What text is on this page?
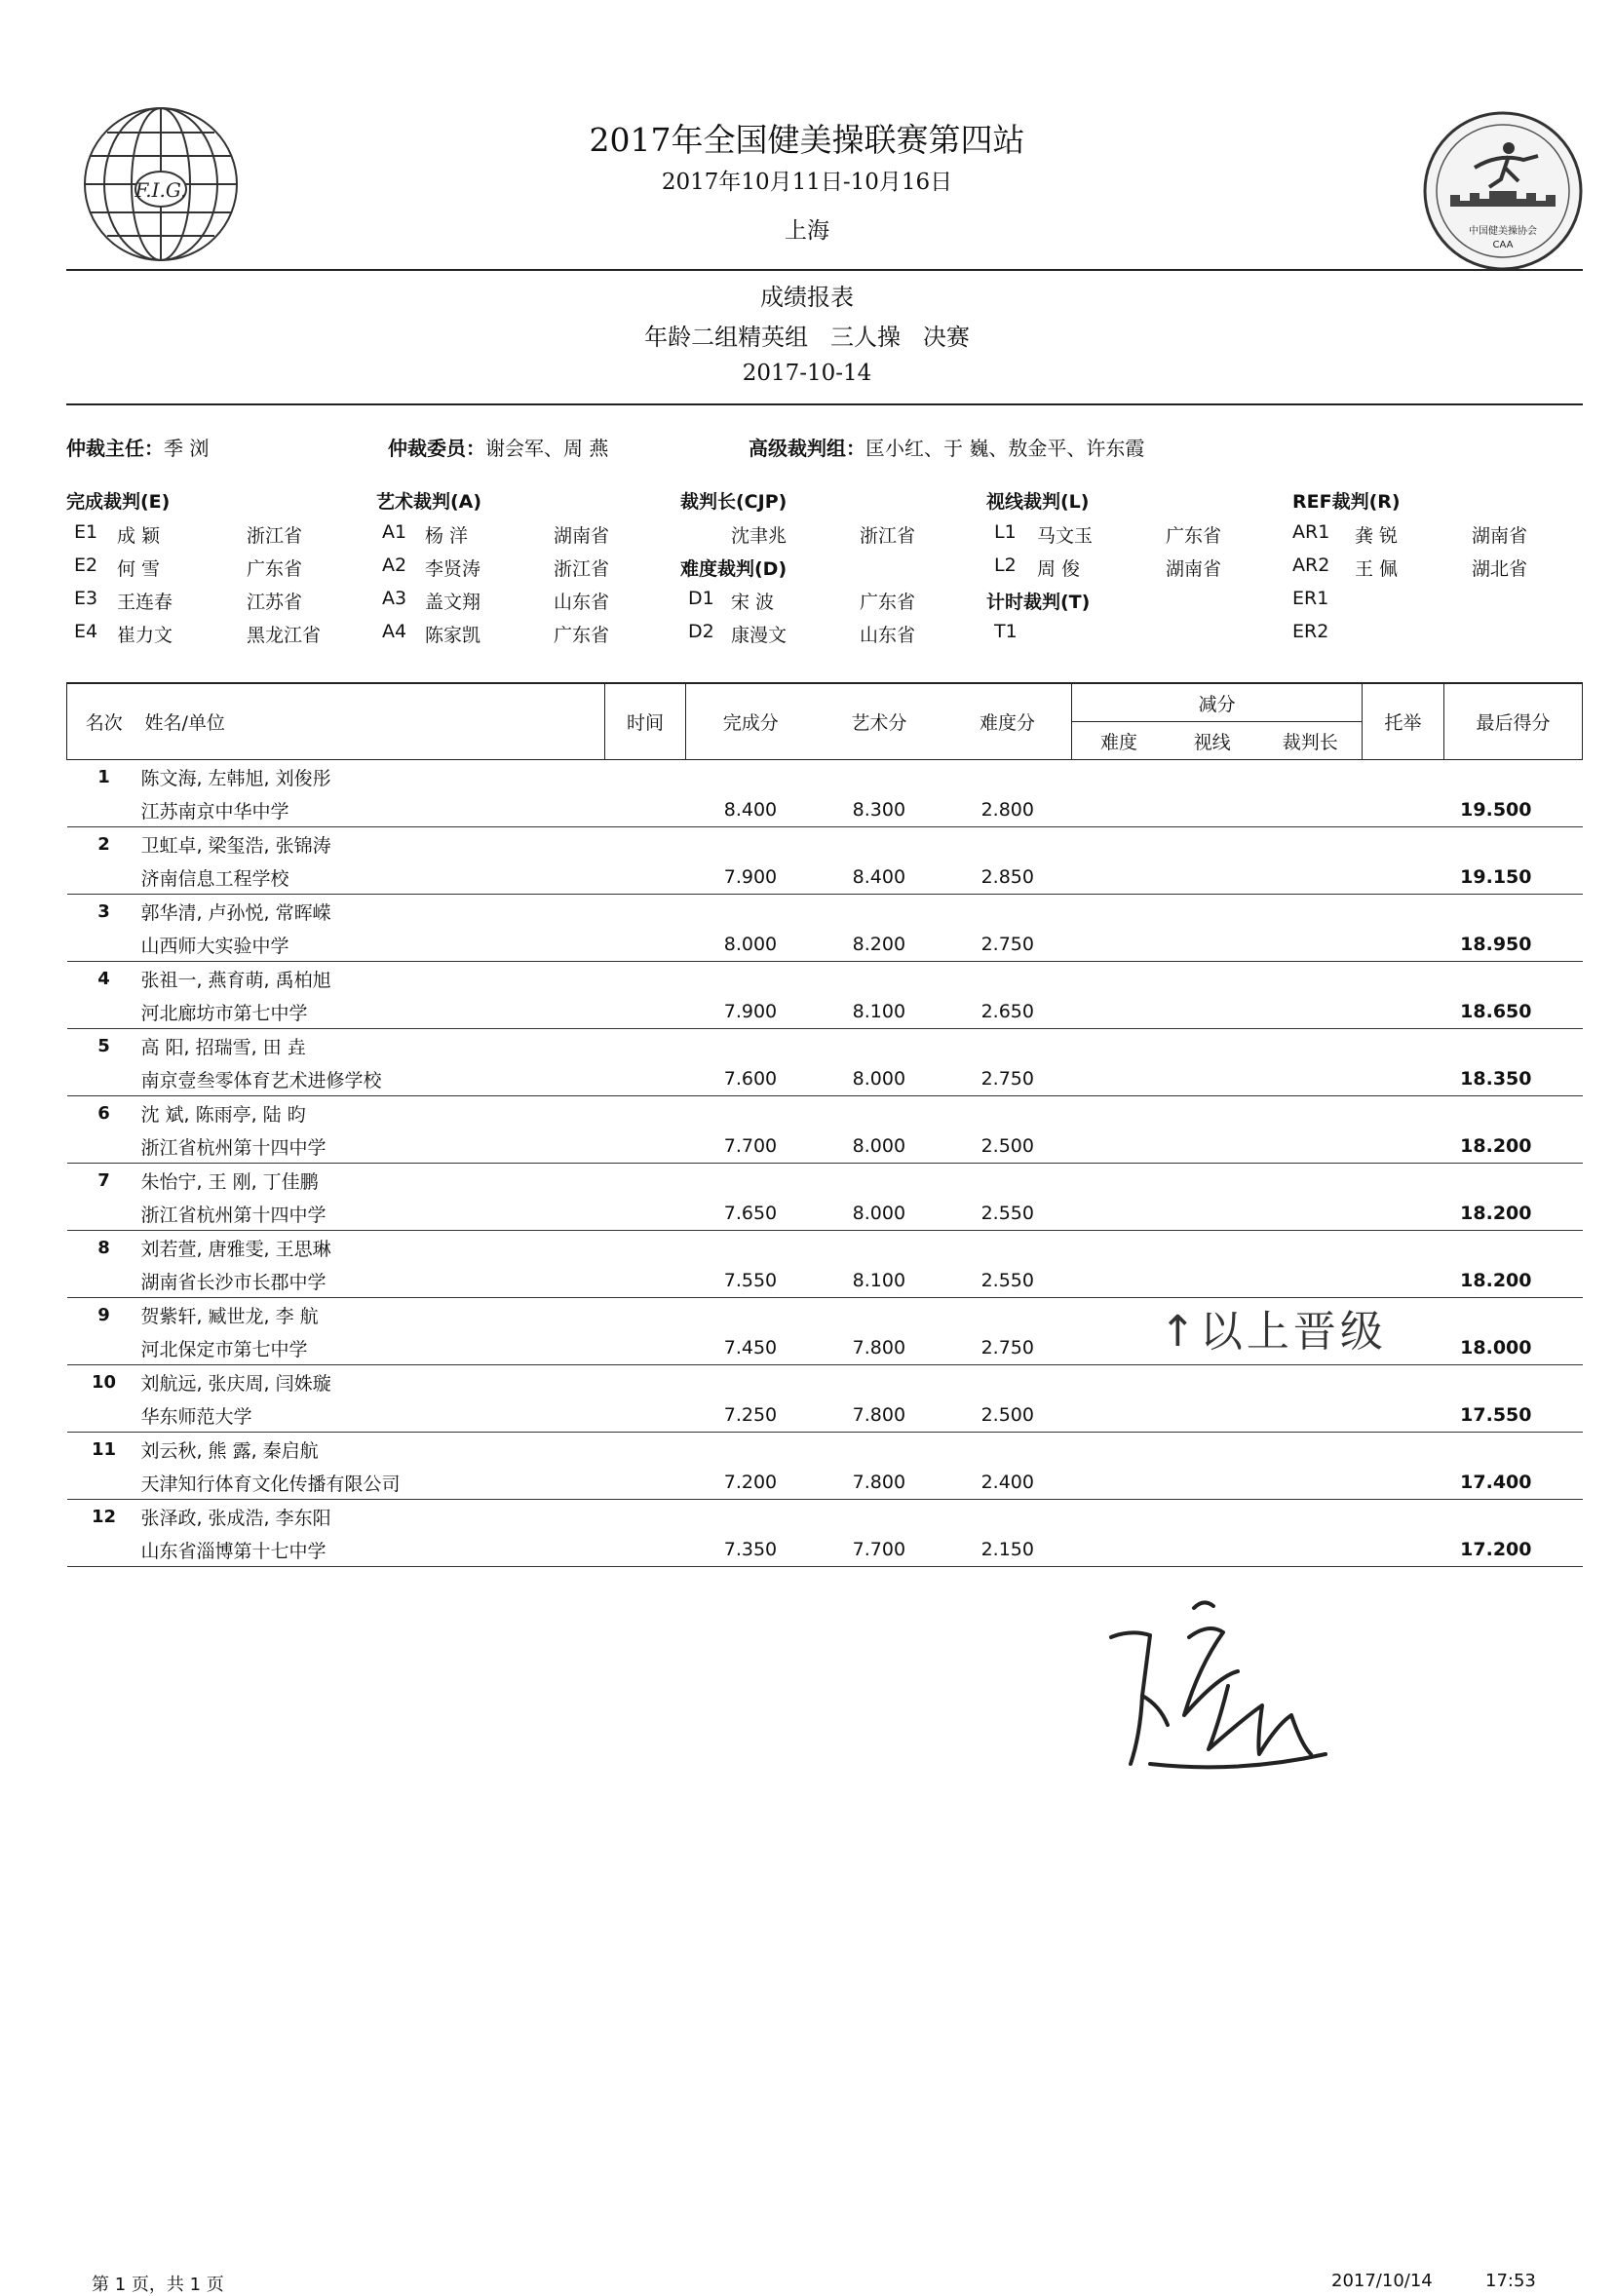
F.I.G.
中国健美操协会
CAA
2017年全国健美操联赛第四站
2017年10月11日-10月16日
上海
成绩报表
年龄二组精英组   三人操   决赛
2017-10-14
仲裁主任：季 浏	仲裁委员：谢会军、周 燕	高级裁判组：匡小红、于 巍、敖金平、许东霞
完成裁判(E)	艺术裁判(A)	裁判长(CJP)	视线裁判(L)	REF裁判(R)
E1 成 颖	浙江省
E2 何 雪	广东省
E3 王连春	江苏省
E4 崔力文	黑龙江省
A1 杨 洋	湖南省
A2 李贤涛	浙江省
A3 盖文翔	山东省
A4 陈家凯	广东省
沈聿兆	浙江省
难度裁判(D)
D1 宋 波	广东省
D2 康漫文	山东省
L1 马文玉	广东省
L2 周 俊	湖南省
计时裁判(T)
T1
AR1 龚 锐	湖南省
AR2 王 佩	湖北省
ER1
ER2
名次	姓名/单位	时间	完成分	艺术分	难度分	减分			托举	最后得分
						难度	视线	裁判长		
1	陈文海, 左韩旭, 刘俊彤									
	江苏南京中华中学		8.400	8.300	2.800					19.500
2	卫虹卓, 梁玺浩, 张锦涛									
	济南信息工程学校		7.900	8.400	2.850					19.150
3	郭华清, 卢孙悦, 常晖嵘									
	山西师大实验中学		8.000	8.200	2.750					18.950
4	张祖一, 燕育萌, 禹柏旭									
	河北廊坊市第七中学		7.900	8.100	2.650					18.650
5	高 阳, 招瑞雪, 田 垚									
	南京壹叁零体育艺术进修学校		7.600	8.000	2.750					18.350
6	沈 斌, 陈雨亭, 陆 昀									
	浙江省杭州第十四中学		7.700	8.000	2.500					18.200
7	朱怡宁, 王 刚, 丁佳鹏									
	浙江省杭州第十四中学		7.650	8.000	2.550					18.200
8	刘若萱, 唐雅雯, 王思琳									
	湖南省长沙市长郡中学		7.550	8.100	2.550					18.200
9	贺紫轩, 臧世龙, 李 航									
	河北保定市第七中学		7.450	7.800	2.750					18.000
10	刘航远, 张庆周, 闫姝璇									
	华东师范大学		7.250	7.800	2.500					17.550
11	刘云秋, 熊 露, 秦启航									
	天津知行体育文化传播有限公司		7.200	7.800	2.400					17.400
12	张泽政, 张成浩, 李东阳									
	山东省淄博第十七中学		7.350	7.700	2.150					17.200
↑以上晋级
第 1 页，共 1 页	2017/10/14	17:53
